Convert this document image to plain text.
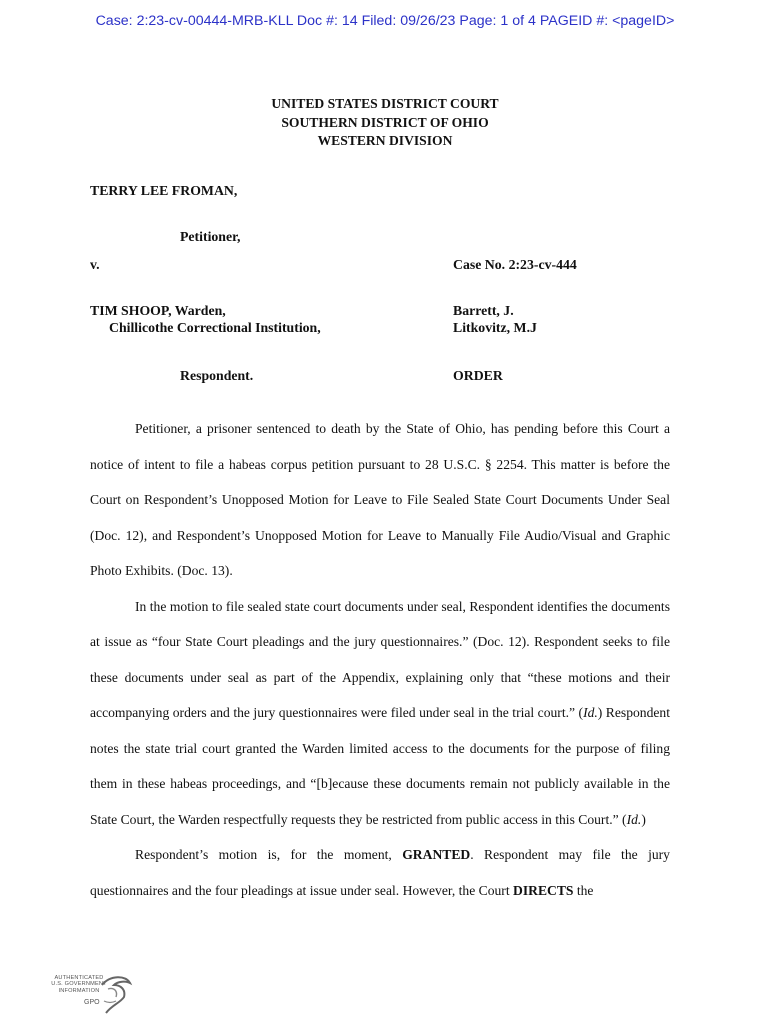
Case: 2:23-cv-00444-MRB-KLL Doc #: 14 Filed: 09/26/23 Page: 1 of 4 PAGEID #: <pageID>
UNITED STATES DISTRICT COURT
SOUTHERN DISTRICT OF OHIO
WESTERN DIVISION
TERRY LEE FROMAN,
Petitioner,
v.	Case No. 2:23-cv-444
TIM SHOOP, Warden,
Chillicothe Correctional Institution,
Barrett, J.
Litkovitz, M.J
Respondent.	ORDER

Petitioner, a prisoner sentenced to death by the State of Ohio, has pending before this Court a notice of intent to file a habeas corpus petition pursuant to 28 U.S.C. § 2254. This matter is before the Court on Respondent’s Unopposed Motion for Leave to File Sealed State Court Documents Under Seal (Doc. 12), and Respondent’s Unopposed Motion for Leave to Manually File Audio/Visual and Graphic Photo Exhibits. (Doc. 13).

In the motion to file sealed state court documents under seal, Respondent identifies the documents at issue as “four State Court pleadings and the jury questionnaires.” (Doc. 12). Respondent seeks to file these documents under seal as part of the Appendix, explaining only that “these motions and their accompanying orders and the jury questionnaires were filed under seal in the trial court.” (Id.) Respondent notes the state trial court granted the Warden limited access to the documents for the purpose of filing them in these habeas proceedings, and “[b]ecause these documents remain not publicly available in the State Court, the Warden respectfully requests they be restricted from public access in this Court.” (Id.)

Respondent’s motion is, for the moment, GRANTED. Respondent may file the jury questionnaires and the four pleadings at issue under seal. However, the Court DIRECTS the

AUTHENTICATED
U.S. GOVERNMENT
INFORMATION
GPO
